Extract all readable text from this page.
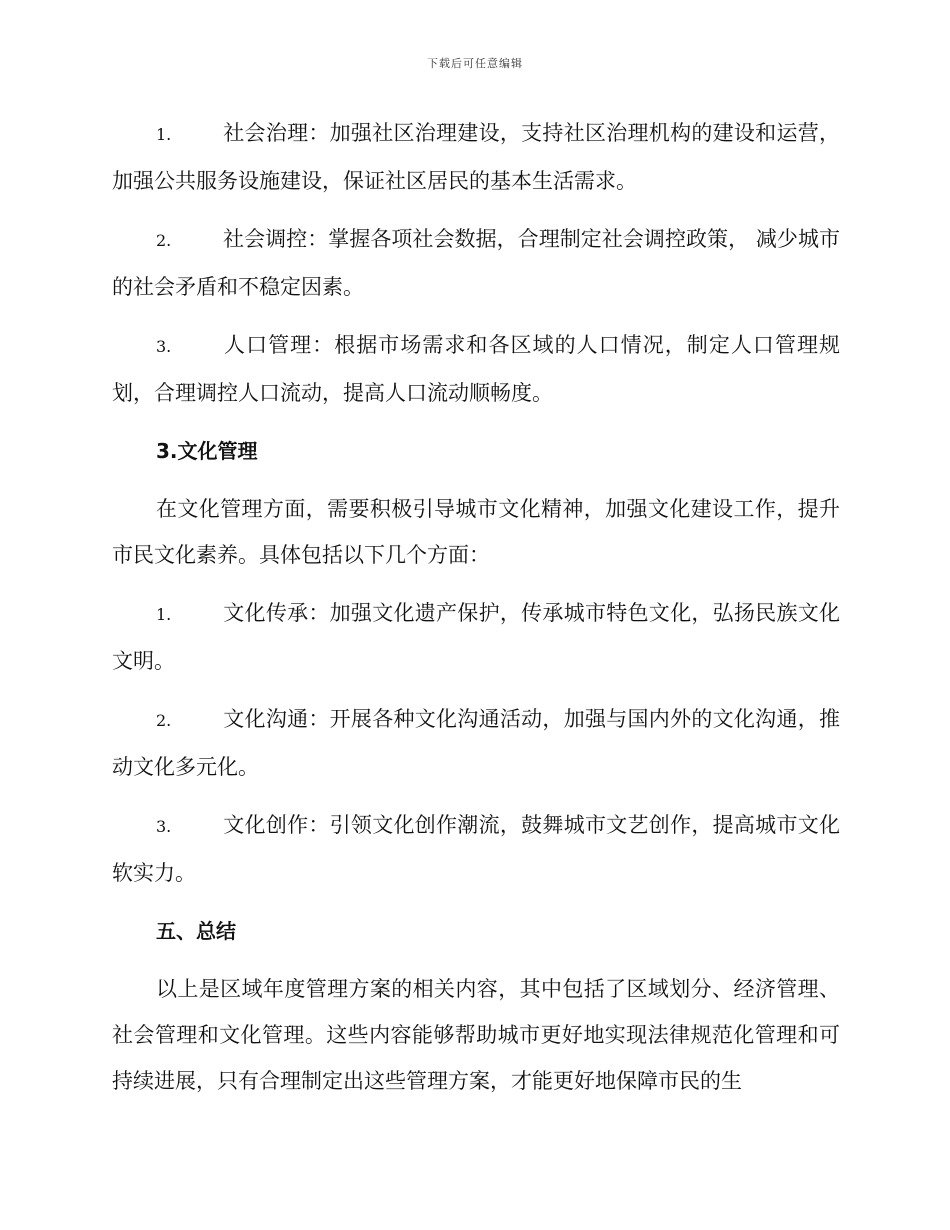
下载后可任意编辑

1. 社会治理：加强社区治理建设，支持社区治理机构的建设和运营，加强公共服务设施建设，保证社区居民的基本生活需求。

2. 社会调控：掌握各项社会数据，合理制定社会调控政策， 减少城市的社会矛盾和不稳定因素。

3. 人口管理：根据市场需求和各区域的人口情况，制定人口管理规划，合理调控人口流动，提高人口流动顺畅度。

3.文化管理

在文化管理方面，需要积极引导城市文化精神，加强文化建设工作，提升市民文化素养。具体包括以下几个方面：

1. 文化传承：加强文化遗产保护，传承城市特色文化，弘扬民族文化文明。

2. 文化沟通：开展各种文化沟通活动，加强与国内外的文化沟通，推动文化多元化。

3. 文化创作：引领文化创作潮流，鼓舞城市文艺创作，提高城市文化软实力。

五、总结

以上是区域年度管理方案的相关内容，其中包括了区域划分、经济管理、社会管理和文化管理。这些内容能够帮助城市更好地实现法律规范化管理和可持续进展，只有合理制定出这些管理方案，才能更好地保障市民的生
